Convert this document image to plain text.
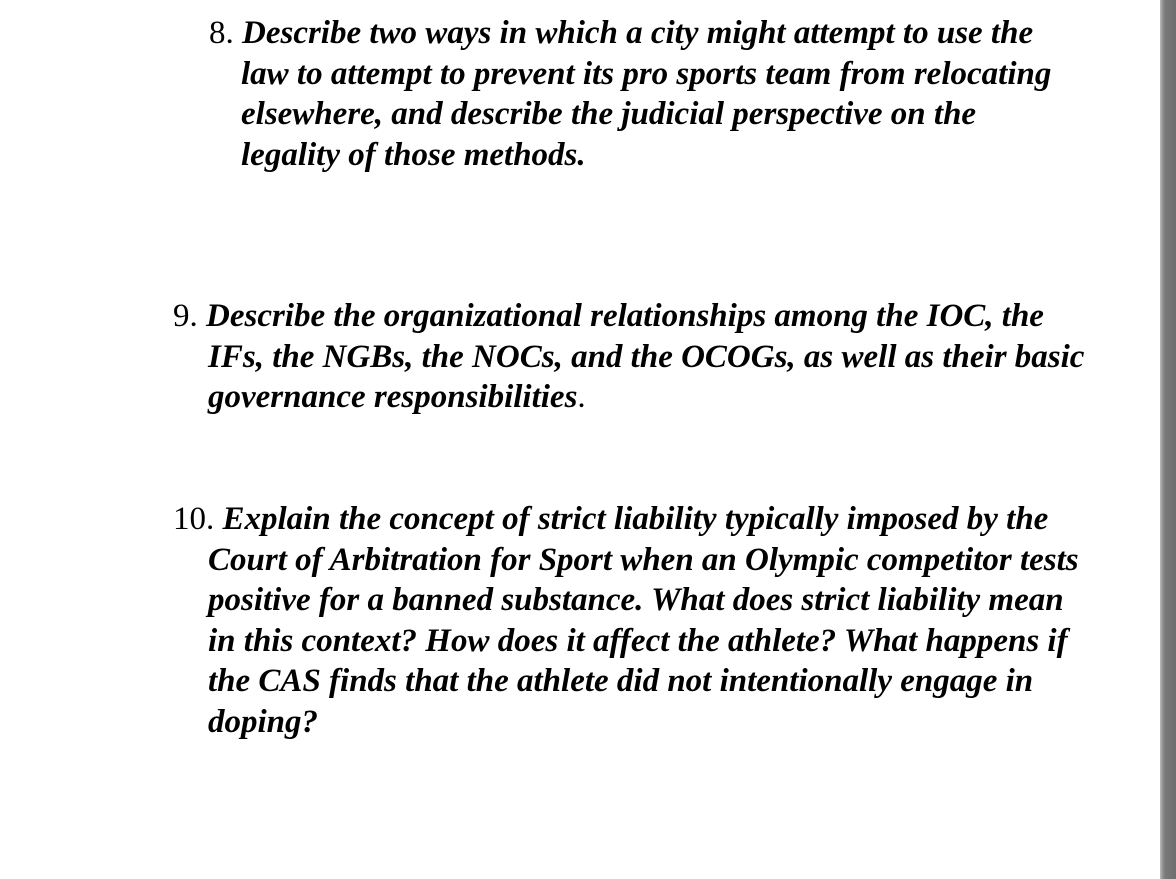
8. Describe two ways in which a city might attempt to use the law to attempt to prevent its pro sports team from relocating elsewhere, and describe the judicial perspective on the legality of those methods.

9. Describe the organizational relationships among the IOC, the IFs, the NGBs, the NOCs, and the OCOGs, as well as their basic governance responsibilities.

10. Explain the concept of strict liability typically imposed by the Court of Arbitration for Sport when an Olympic competitor tests positive for a banned substance. What does strict liability mean in this context? How does it affect the athlete? What happens if the CAS finds that the athlete did not intentionally engage in doping?
